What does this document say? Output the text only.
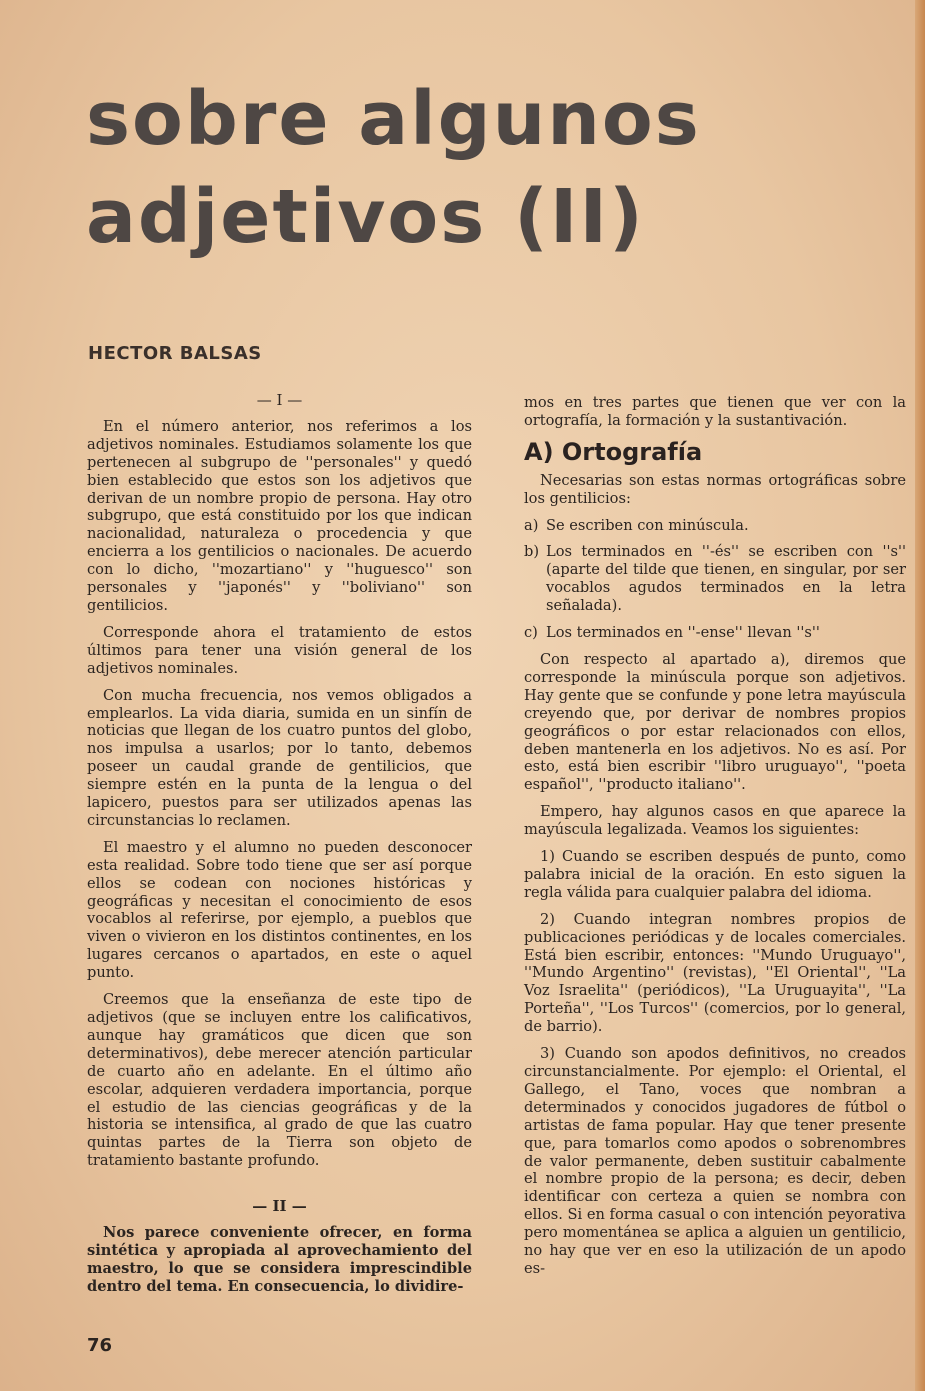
sobre algunos
adjetivos (II)
HECTOR BALSAS
— I —

En el número anterior, nos referimos a los adjetivos nominales. Estudiamos solamente los que pertenecen al subgrupo de ''personales'' y quedó bien establecido que estos son los adjetivos que derivan de un nombre propio de persona. Hay otro subgrupo, que está constituido por los que indican nacionalidad, naturaleza o procedencia y que encierra a los gentilicios o nacionales. De acuerdo con lo dicho, ''mozartiano'' y ''huguesco'' son personales y ''japonés'' y ''boliviano'' son gentilicios.

Corresponde ahora el tratamiento de estos últimos para tener una visión general de los adjetivos nominales.

Con mucha frecuencia, nos vemos obligados a emplearlos. La vida diaria, sumida en un sinfín de noticias que llegan de los cuatro puntos del globo, nos impulsa a usarlos; por lo tanto, debemos poseer un caudal grande de gentilicios, que siempre estén en la punta de la lengua o del lapicero, puestos para ser utilizados apenas las circunstancias lo reclamen.

El maestro y el alumno no pueden desconocer esta realidad. Sobre todo tiene que ser así porque ellos se codean con nociones históricas y geográficas y necesitan el conocimiento de esos vocablos al referirse, por ejemplo, a pueblos que viven o vivieron en los distintos continentes, en los lugares cercanos o apartados, en este o aquel punto.

Creemos que la enseñanza de este tipo de adjetivos (que se incluyen entre los calificativos, aunque hay gramáticos que dicen que son determinativos), debe merecer atención particular de cuarto año en adelante. En el último año escolar, adquieren verdadera importancia, porque el estudio de las ciencias geográficas y de la historia se intensifica, al grado de que las cuatro quintas partes de la Tierra son objeto de tratamiento bastante profundo.

— II —

Nos parece conveniente ofrecer, en forma sintética y apropiada al aprovechamiento del maestro, lo que se considera imprescindible dentro del tema. En consecuencia, lo dividire-

mos en tres partes que tienen que ver con la ortografía, la formación y la sustantivación.

A) Ortografía

Necesarias son estas normas ortográficas sobre los gentilicios:

a) Se escriben con minúscula.
b) Los terminados en ''-és'' se escriben con ''s'' (aparte del tilde que tienen, en singular, por ser vocablos agudos terminados en la letra señalada).
c) Los terminados en ''-ense'' llevan ''s''

Con respecto al apartado a), diremos que corresponde la minúscula porque son adjetivos. Hay gente que se confunde y pone letra mayúscula creyendo que, por derivar de nombres propios geográficos o por estar relacionados con ellos, deben mantenerla en los adjetivos. No es así. Por esto, está bien escribir ''libro uruguayo'', ''poeta español'', ''producto italiano''.

Empero, hay algunos casos en que aparece la mayúscula legalizada. Veamos los siguientes:

1) Cuando se escriben después de punto, como palabra inicial de la oración. En esto siguen la regla válida para cualquier palabra del idioma.

2) Cuando integran nombres propios de publicaciones periódicas y de locales comerciales. Está bien escribir, entonces: ''Mundo Uruguayo'', ''Mundo Argentino'' (revistas), ''El Oriental'', ''La Voz Israelita'' (periódicos), ''La Uruguayita'', ''La Porteña'', ''Los Turcos'' (comercios, por lo general, de barrio).

3) Cuando son apodos definitivos, no creados circunstancialmente. Por ejemplo: el Oriental, el Gallego, el Tano, voces que nombran a determinados y conocidos jugadores de fútbol o artistas de fama popular. Hay que tener presente que, para tomarlos como apodos o sobrenombres de valor permanente, deben sustituir cabalmente el nombre propio de la persona; es decir, deben identificar con certeza a quien se nombra con ellos. Si en forma casual o con intención peyorativa pero momentánea se aplica a alguien un gentilicio, no hay que ver en eso la utilización de un apodo es-

76
